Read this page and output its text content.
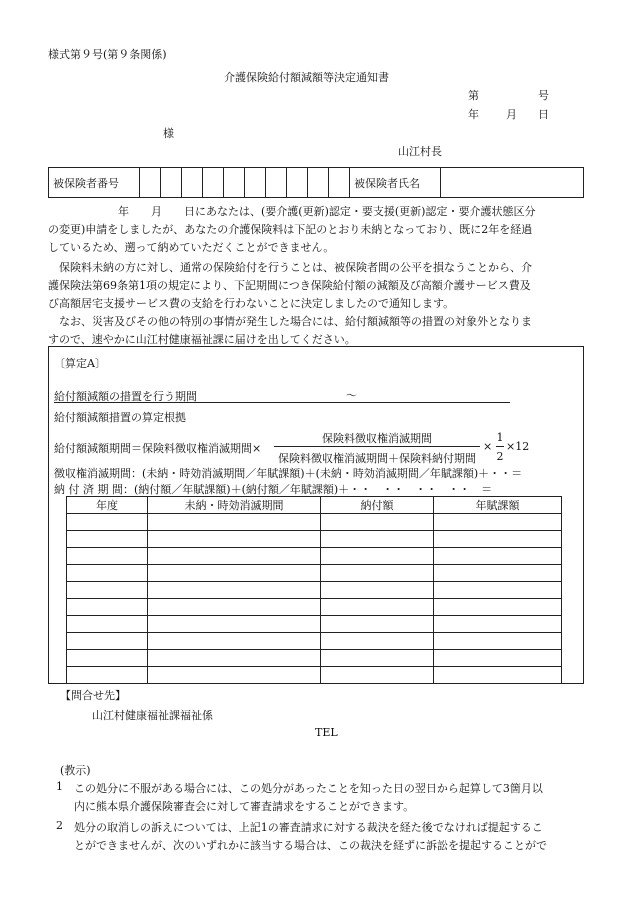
様式第９号(第９条関係)
介護保険給付額減額等決定通知書
第	号
年 月 日
様
山江村長
被保険者番号											被保険者氏名	
年　　月　　日にあなたは、(要介護(更新)認定・要支援(更新)認定・要介護状態区分
の変更)申請をしましたが、あなたの介護保険料は下記のとおり未納となっており、既に2年を経過
しているため、遡って納めていただくことができません。
保険料未納の方に対し、通常の保険給付を行うことは、被保険者間の公平を損なうことから、介
護保険法第69条第1項の規定により、下記期間につき保険給付額の減額及び高額介護サービス費及
び高額居宅支援サービス費の支給を行わないことに決定しましたので通知します。
なお、災害及びその他の特別の事情が発生した場合には、給付額減額等の措置の対象外となりま
すので、速やかに山江村健康福祉課に届けを出してください。
〔算定A〕
給付額減額の措置を行う期間	～
給付額減額措置の算定根拠
給付額減額期間＝保険料徴収権消滅期間×
保険料徴収権消滅期間
保険料徴収権消滅期間＋保険料納付期間
×
1
2
×12
徴収権消滅期間：(未納・時効消滅期間／年賦課額)＋(未納・時効消滅期間／年賦課額)＋・・＝
納 付 済 期 間：(納付額／年賦課額)＋(納付額／年賦課額)＋・・　・・　・・　・・　＝
年度	未納・時効消滅期間	納付額	年賦課額

【問合せ先】
山江村健康福祉課福祉係
TEL
(教示)
1 この処分に不服がある場合には、この処分があったことを知った日の翌日から起算して3箇月以
内に熊本県介護保険審査会に対して審査請求をすることができます。
2 処分の取消しの訴えについては、上記1の審査請求に対する裁決を経た後でなければ提起するこ
とができませんが、次のいずれかに該当する場合は、この裁決を経ずに訴訟を提起することがで
